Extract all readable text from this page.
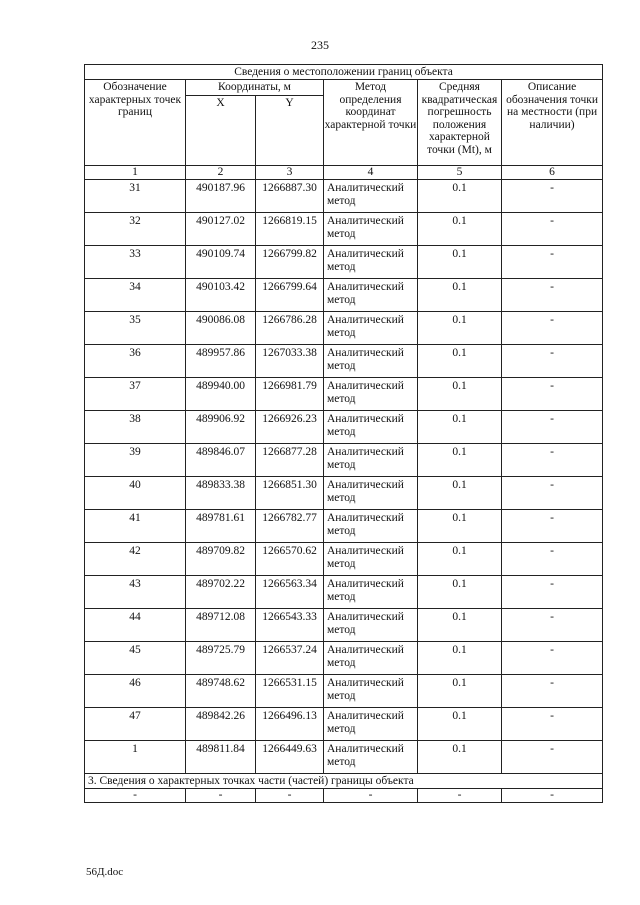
235
Сведения о местоположении границ объекта					
Обозначение характерных точек границ	Координаты, м		Метод определения координат характерной точки	Средняя квадратическая погрешность положения характерной точки (Mt), м	Описание обозначения точки на местности (при наличии)
	X	Y			
1	2	3	4	5	6
31	490187.96	1266887.30	Аналитический метод	0.1	-
32	490127.02	1266819.15	Аналитический метод	0.1	-
33	490109.74	1266799.82	Аналитический метод	0.1	-
34	490103.42	1266799.64	Аналитический метод	0.1	-
35	490086.08	1266786.28	Аналитический метод	0.1	-
36	489957.86	1267033.38	Аналитический метод	0.1	-
37	489940.00	1266981.79	Аналитический метод	0.1	-
38	489906.92	1266926.23	Аналитический метод	0.1	-
39	489846.07	1266877.28	Аналитический метод	0.1	-
40	489833.38	1266851.30	Аналитический метод	0.1	-
41	489781.61	1266782.77	Аналитический метод	0.1	-
42	489709.82	1266570.62	Аналитический метод	0.1	-
43	489702.22	1266563.34	Аналитический метод	0.1	-
44	489712.08	1266543.33	Аналитический метод	0.1	-
45	489725.79	1266537.24	Аналитический метод	0.1	-
46	489748.62	1266531.15	Аналитический метод	0.1	-
47	489842.26	1266496.13	Аналитический метод	0.1	-
1	489811.84	1266449.63	Аналитический метод	0.1	-
3. Сведения о характерных точках части (частей) границы объекта					
-	-	-	-	-	-
56Д.doc
